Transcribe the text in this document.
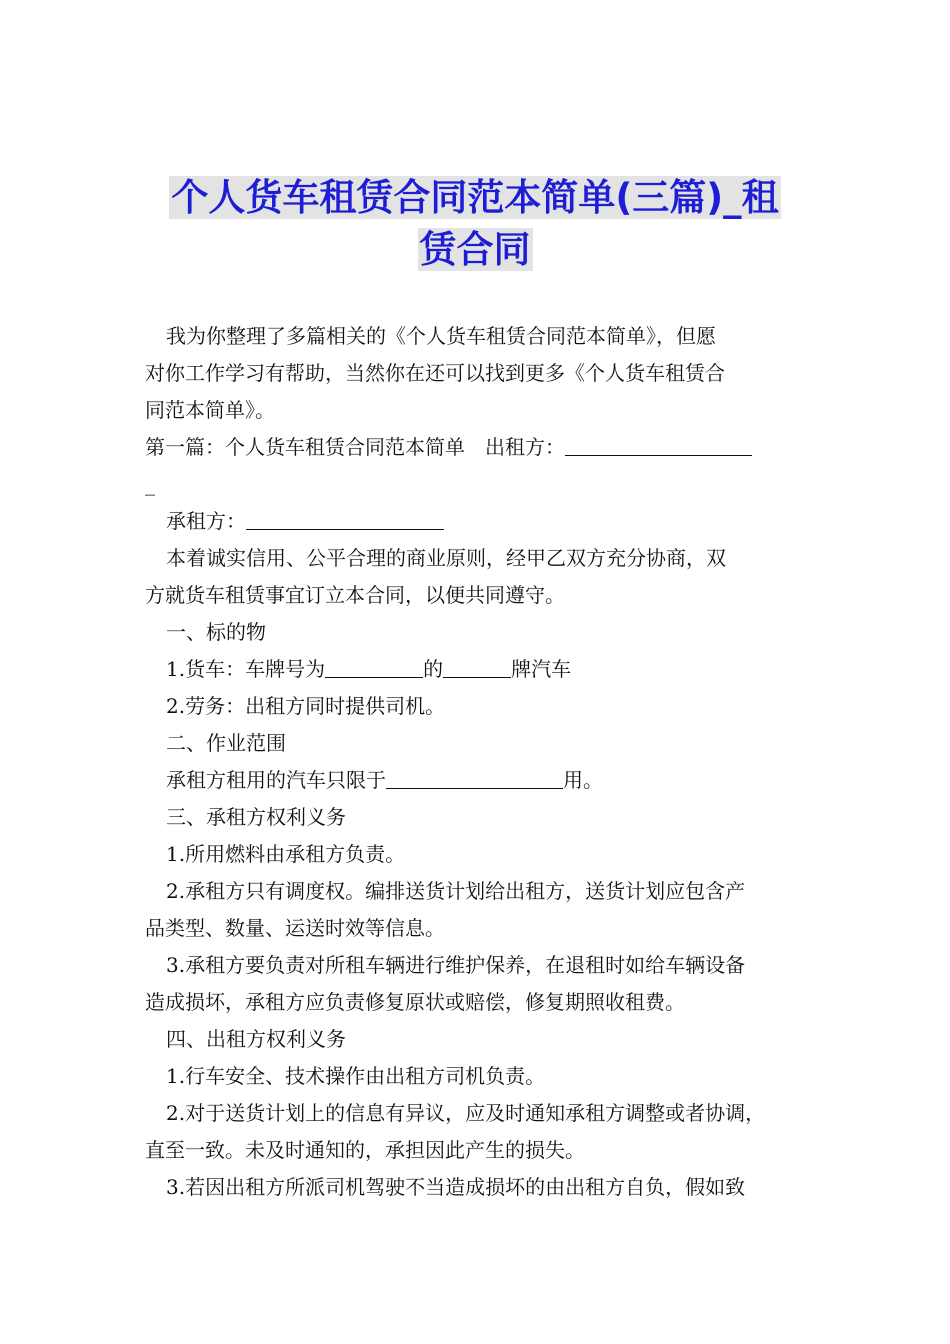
个人货车租赁合同范本简单(三篇)_租
赁合同
我为你整理了多篇相关的《个人货车租赁合同范本简单》，但愿
对你工作学习有帮助，当然你在还可以找到更多《个人货车租赁合
同范本简单》。
第一篇：个人货车租赁合同范本简单　出租方：
_
承租方：
本着诚实信用、公平合理的商业原则，经甲乙双方充分协商，双
方就货车租赁事宜订立本合同，以便共同遵守。
一、标的物
1.货车：车牌号为	的	牌汽车
2.劳务：出租方同时提供司机。
二、作业范围
承租方租用的汽车只限于	用。
三、承租方权利义务
1.所用燃料由承租方负责。
2.承租方只有调度权。编排送货计划给出租方，送货计划应包含产
品类型、数量、运送时效等信息。
3.承租方要负责对所租车辆进行维护保养，在退租时如给车辆设备
造成损坏，承租方应负责修复原状或赔偿，修复期照收租费。
四、出租方权利义务
1.行车安全、技术操作由出租方司机负责。
2.对于送货计划上的信息有异议，应及时通知承租方调整或者协调，
直至一致。未及时通知的，承担因此产生的损失。
3.若因出租方所派司机驾驶不当造成损坏的由出租方自负，假如致
